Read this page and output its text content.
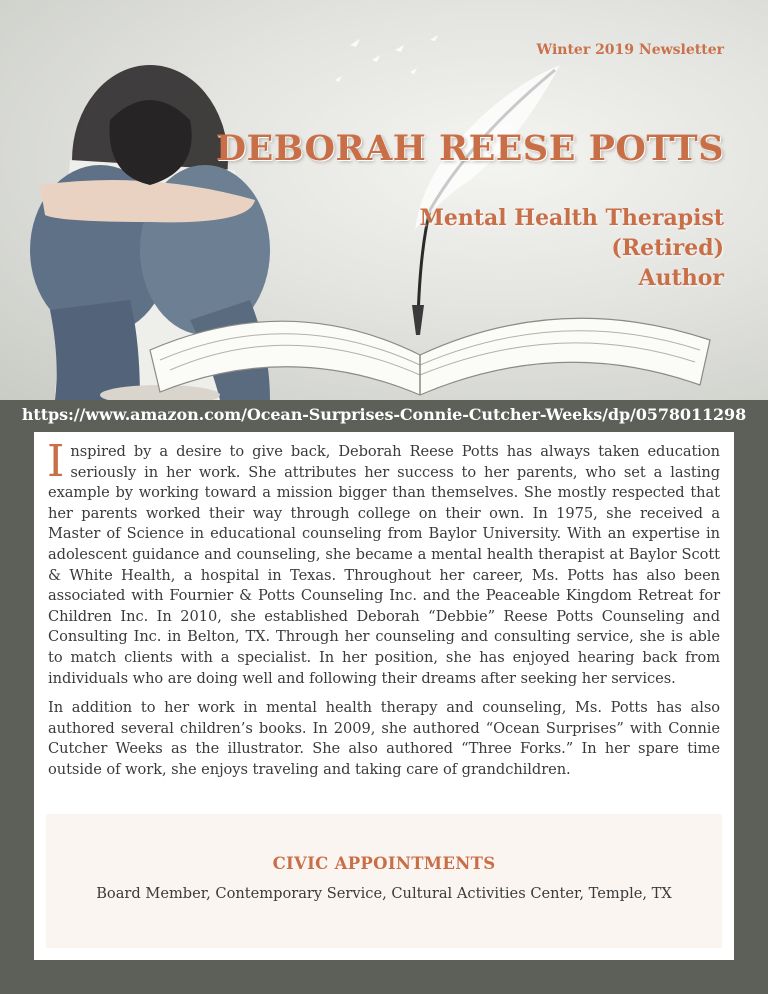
Winter 2019 Newsletter
DEBORAH REESE POTTS
Mental Health Therapist
(Retired)
Author
https://www.amazon.com/Ocean-Surprises-Connie-Cutcher-Weeks/dp/0578011298

Inspired by a desire to give back, Deborah Reese Potts has always taken education seriously in her work. She attributes her success to her parents, who set a lasting example by working toward a mission bigger than themselves. She mostly respected that her parents worked their way through college on their own. In 1975, she received a Master of Science in educational counseling from Baylor University. With an expertise in adolescent guidance and counseling, she became a mental health therapist at Baylor Scott & White Health, a hospital in Texas. Throughout her career, Ms. Potts has also been associated with Fournier & Potts Counseling Inc. and the Peaceable Kingdom Retreat for Children Inc. In 2010, she established Deborah “Debbie” Reese Potts Counseling and Consulting Inc. in Belton, TX. Through her counseling and consulting service, she is able to match clients with a specialist. In her position, she has enjoyed hearing back from individuals who are doing well and following their dreams after seeking her services.

In addition to her work in mental health therapy and counseling, Ms. Potts has also authored several children’s books. In 2009, she authored “Ocean Surprises” with Connie Cutcher Weeks as the illustrator. She also authored “Three Forks.” In her spare time outside of work, she enjoys traveling and taking care of grandchildren.

CIVIC APPOINTMENTS
Board Member, Contemporary Service, Cultural Activities Center, Temple, TX
